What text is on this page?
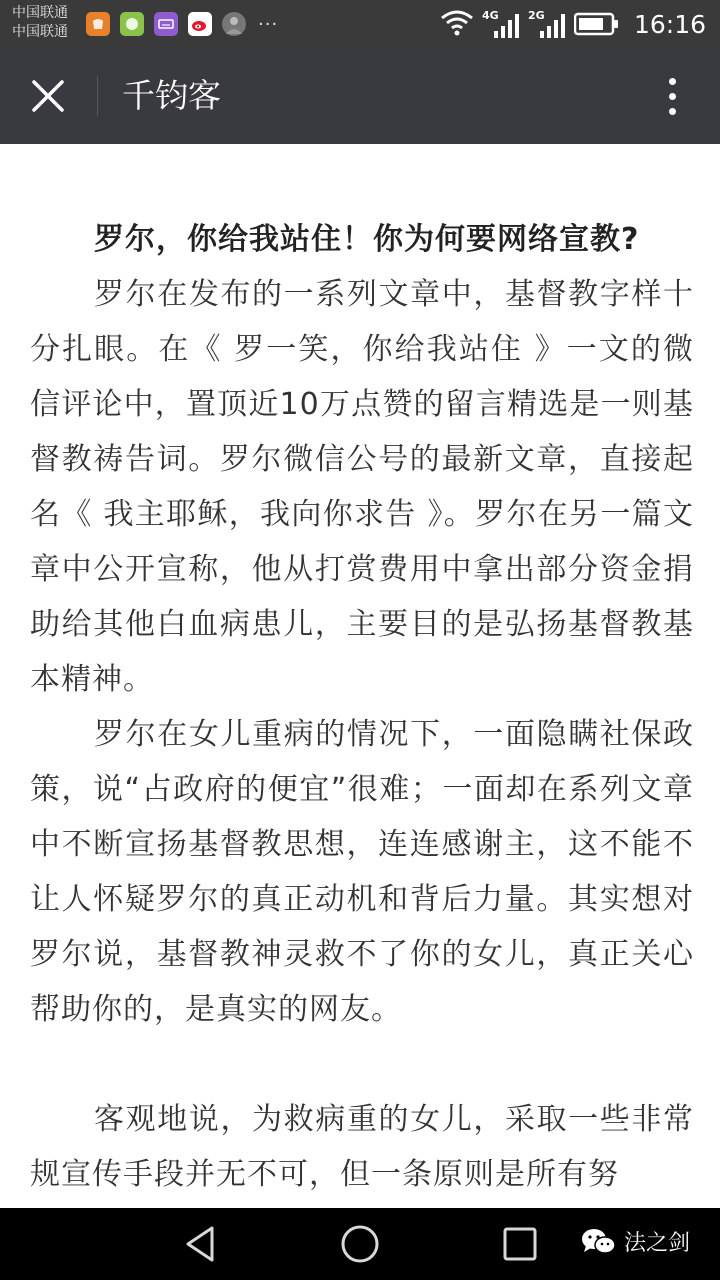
中国联通
中国联通	···	4G	2G	16:16
千钧客

罗尔，你给我站住！你为何要网络宣教?

罗尔在发布的一系列文章中，基督教字样十分扎眼。在《 罗一笑，你给我站住 》一文的微信评论中，置顶近10万点赞的留言精选是一则基督教祷告词。罗尔微信公号的最新文章，直接起名《 我主耶稣，我向你求告 》。罗尔在另一篇文章中公开宣称，他从打赏费用中拿出部分资金捐助给其他白血病患儿，主要目的是弘扬基督教基本精神。

罗尔在女儿重病的情况下，一面隐瞒社保政策，说“占政府的便宜”很难；一面却在系列文章中不断宣扬基督教思想，连连感谢主，这不能不让人怀疑罗尔的真正动机和背后力量。其实想对罗尔说，基督教神灵救不了你的女儿，真正关心帮助你的，是真实的网友。

客观地说，为救病重的女儿，采取一些非常规宣传手段并无不可，但一条原则是所有努

法之剑
